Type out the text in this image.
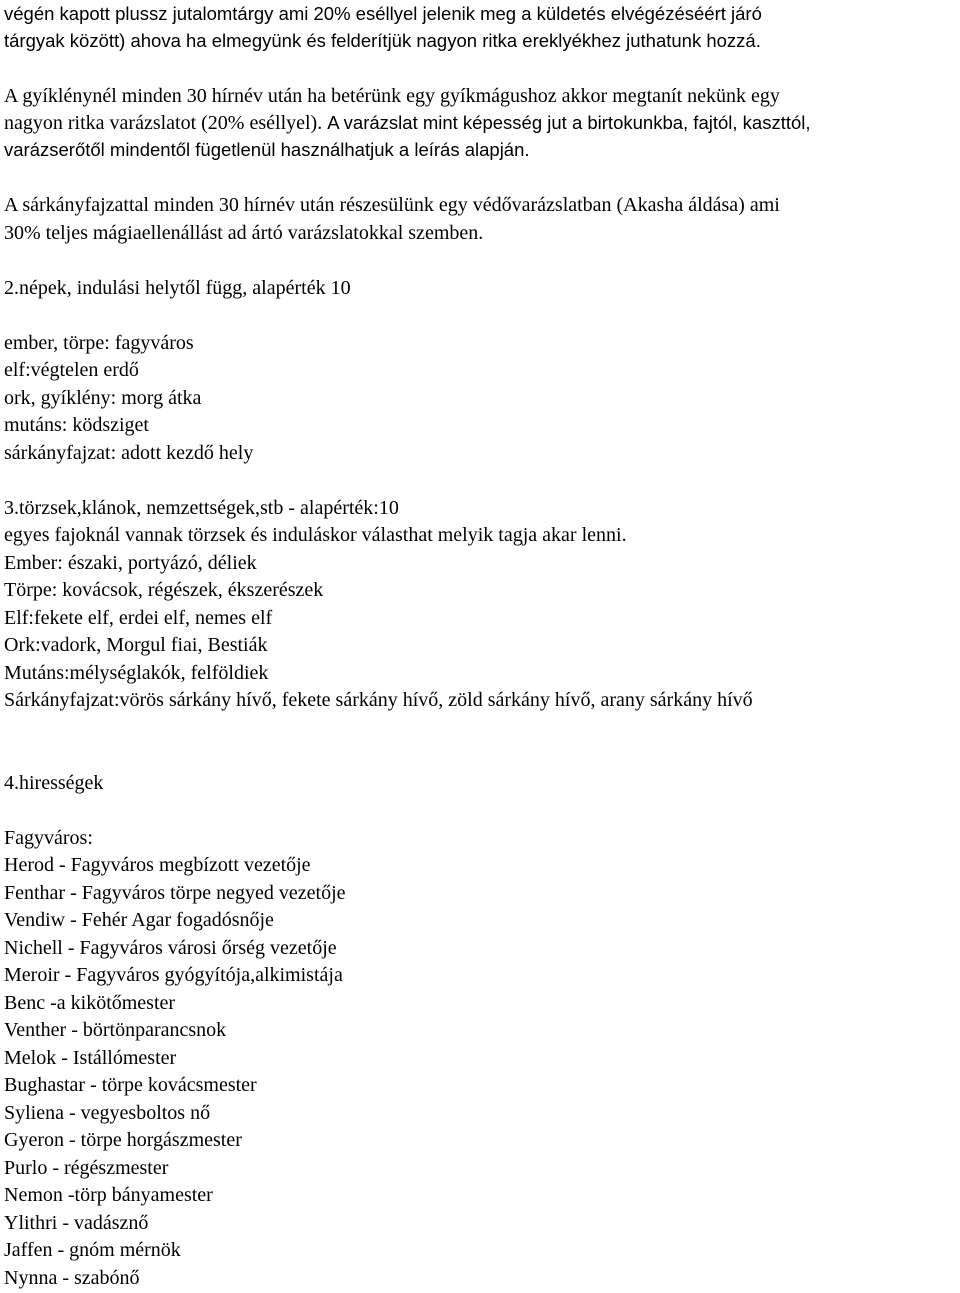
végén kapott plussz jutalomtárgy ami 20% eséllyel jelenik meg a küldetés elvégézéséért járó
tárgyak között) ahova ha elmegyünk és felderítjük nagyon ritka ereklyékhez juthatunk hozzá.
A gyíklénynél minden 30 hírnév után ha betérünk egy gyíkmágushoz akkor megtanít nekünk egy
nagyon ritka varázslatot (20% eséllyel). A varázslat mint képesség jut a birtokunkba, fajtól, kaszttól,
varázserőtől mindentől fügetlenül használhatjuk a leírás alapján.
A sárkányfajzattal minden 30 hírnév után részesülünk egy védővarázslatban (Akasha áldása) ami
30% teljes mágiaellenállást ad ártó varázslatokkal szemben.
2.népek, indulási helytől függ, alapérték 10
ember, törpe: fagyváros
elf:végtelen erdő
ork, gyíklény: morg átka
mutáns: ködsziget
sárkányfajzat: adott kezdő hely
3.törzsek,klánok, nemzettségek,stb - alapérték:10
egyes fajoknál vannak törzsek és induláskor válasthat melyik tagja akar lenni.
Ember: északi, portyázó, déliek
Törpe: kovácsok, régészek, ékszerészek
Elf:fekete elf, erdei elf, nemes elf
Ork:vadork, Morgul fiai, Bestiák
Mutáns:mélységlakók, felföldiek
Sárkányfajzat:vörös sárkány hívő, fekete sárkány hívő, zöld sárkány hívő, arany sárkány hívő
4.hirességek
Fagyváros:
Herod - Fagyváros megbízott vezetője
Fenthar - Fagyváros törpe negyed vezetője
Vendiw - Fehér Agar fogadósnője
Nichell - Fagyváros városi őrség vezetője
Meroir - Fagyváros gyógyítója,alkimistája
Benc -a kikötőmester
Venther - börtönparancsnok
Melok - Istállómester
Bughastar - törpe kovácsmester
Syliena - vegyesboltos nő
Gyeron - törpe horgászmester
Purlo - régészmester
Nemon -törp bányamester
Ylithri - vadásznő
Jaffen - gnóm mérnök
Nynna - szabónő
